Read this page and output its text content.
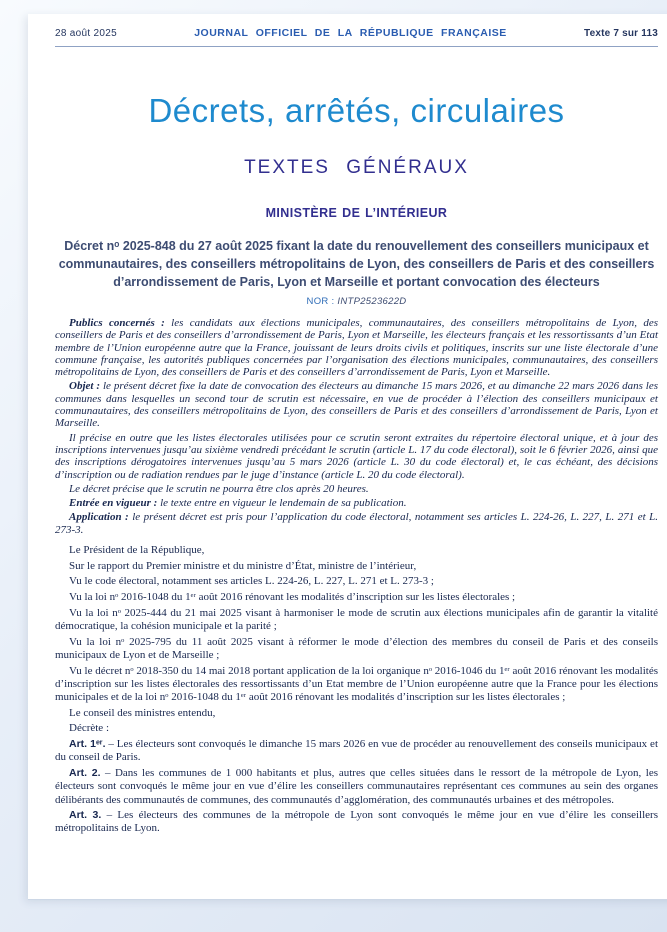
28 août 2025	JOURNAL OFFICIEL DE LA RÉPUBLIQUE FRANÇAISE	Texte 7 sur 113
Décrets, arrêtés, circulaires
TEXTES GÉNÉRAUX
MINISTÈRE DE L’INTÉRIEUR
Décret nᵒ 2025-848 du 27 août 2025 fixant la date du renouvellement des conseillers municipaux et communautaires, des conseillers métropolitains de Lyon, des conseillers de Paris et des conseillers d’arrondissement de Paris, Lyon et Marseille et portant convocation des électeurs
NOR : INTP2523622D

Publics concernés : les candidats aux élections municipales, communautaires, des conseillers métropolitains de Lyon, des conseillers de Paris et des conseillers d’arrondissement de Paris, Lyon et Marseille, les électeurs français et les ressortissants d’un Etat membre de l’Union européenne autre que la France, jouissant de leurs droits civils et politiques, inscrits sur une liste électorale d’une commune française, les autorités publiques concernées par l’organisation des élections municipales, communautaires, des conseillers métropolitains de Lyon, des conseillers de Paris et des conseillers d’arrondissement de Paris, Lyon et Marseille.

Objet : le présent décret fixe la date de convocation des électeurs au dimanche 15 mars 2026, et au dimanche 22 mars 2026 dans les communes dans lesquelles un second tour de scrutin est nécessaire, en vue de procéder à l’élection des conseillers municipaux et communautaires, des conseillers métropolitains de Lyon, des conseillers de Paris et des conseillers d’arrondissement de Paris, Lyon et Marseille.

Il précise en outre que les listes électorales utilisées pour ce scrutin seront extraites du répertoire électoral unique, et à jour des inscriptions intervenues jusqu’au sixième vendredi précédant le scrutin (article L. 17 du code électoral), soit le 6 février 2026, ainsi que des inscriptions dérogatoires intervenues jusqu’au 5 mars 2026 (article L. 30 du code électoral) et, le cas échéant, des décisions d’inscription ou de radiation rendues par le juge d’instance (article L. 20 du code électoral).

Le décret précise que le scrutin ne pourra être clos après 20 heures.

Entrée en vigueur : le texte entre en vigueur le lendemain de sa publication.

Application : le présent décret est pris pour l’application du code électoral, notamment ses articles L. 224-26, L. 227, L. 271 et L. 273-3.

Le Président de la République,

Sur le rapport du Premier ministre et du ministre d’État, ministre de l’intérieur,

Vu le code électoral, notamment ses articles L. 224-26, L. 227, L. 271 et L. 273-3 ;

Vu la loi nᵒ 2016-1048 du 1ᵉʳ août 2016 rénovant les modalités d’inscription sur les listes électorales ;

Vu la loi nᵒ 2025-444 du 21 mai 2025 visant à harmoniser le mode de scrutin aux élections municipales afin de garantir la vitalité démocratique, la cohésion municipale et la parité ;

Vu la loi nᵒ 2025-795 du 11 août 2025 visant à réformer le mode d’élection des membres du conseil de Paris et des conseils municipaux de Lyon et de Marseille ;

Vu le décret nᵒ 2018-350 du 14 mai 2018 portant application de la loi organique nᵒ 2016-1046 du 1ᵉʳ août 2016 rénovant les modalités d’inscription sur les listes électorales des ressortissants d’un Etat membre de l’Union européenne autre que la France pour les élections municipales et de la loi nᵒ 2016-1048 du 1ᵉʳ août 2016 rénovant les modalités d’inscription sur les listes électorales ;

Le conseil des ministres entendu,

Décrète :

Art. 1ᵉʳ. – Les électeurs sont convoqués le dimanche 15 mars 2026 en vue de procéder au renouvellement des conseils municipaux et du conseil de Paris.

Art. 2. – Dans les communes de 1 000 habitants et plus, autres que celles situées dans le ressort de la métropole de Lyon, les électeurs sont convoqués le même jour en vue d’élire les conseillers communautaires représentant ces communes au sein des organes délibérants des communautés de communes, des communautés d’agglomération, des communautés urbaines et des métropoles.

Art. 3. – Les électeurs des communes de la métropole de Lyon sont convoqués le même jour en vue d’élire les conseillers métropolitains de Lyon.
